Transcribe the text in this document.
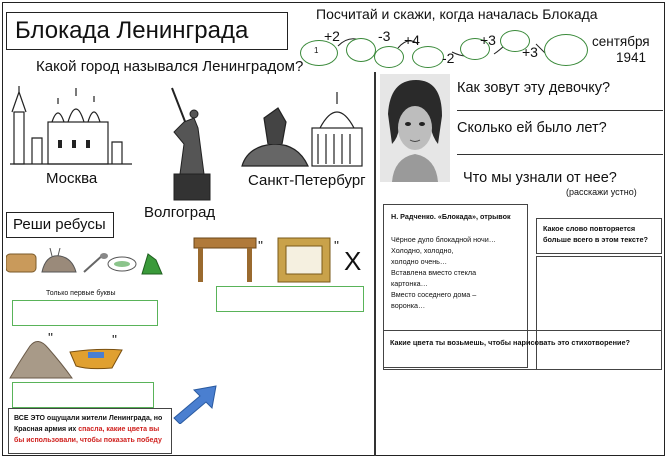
Блокада Ленинграда
Какой город назывался Ленинградом?
Москва
Волгоград
Санкт-Петербург
Посчитай и скажи, когда началась Блокада
1
+2	-3 +4
-2
+3
+3
сентября
1941
Как зовут эту девочку?
Сколько ей было лет?
Что мы узнали от нее?
(расскажи устно)
Реши ребусы
Только первые буквы
''	''
X
''	''
ВСЕ ЭТО ощущали жители Ленинграда, но Красная армия их спасла, какие цвета вы бы использовали, чтобы показать победу
Н. Радченко. «Блокада», отрывок
Чёрное дуло блокадной ночи…
Холодно, холодно,
холодно очень…
Вставлена вместо стекла
картонка…
Вместо соседнего дома –
воронка…
Какое слово повторяется больше всего в этом тексте?
Какие цвета ты возьмешь, чтобы нарисовать это стихотворение?
